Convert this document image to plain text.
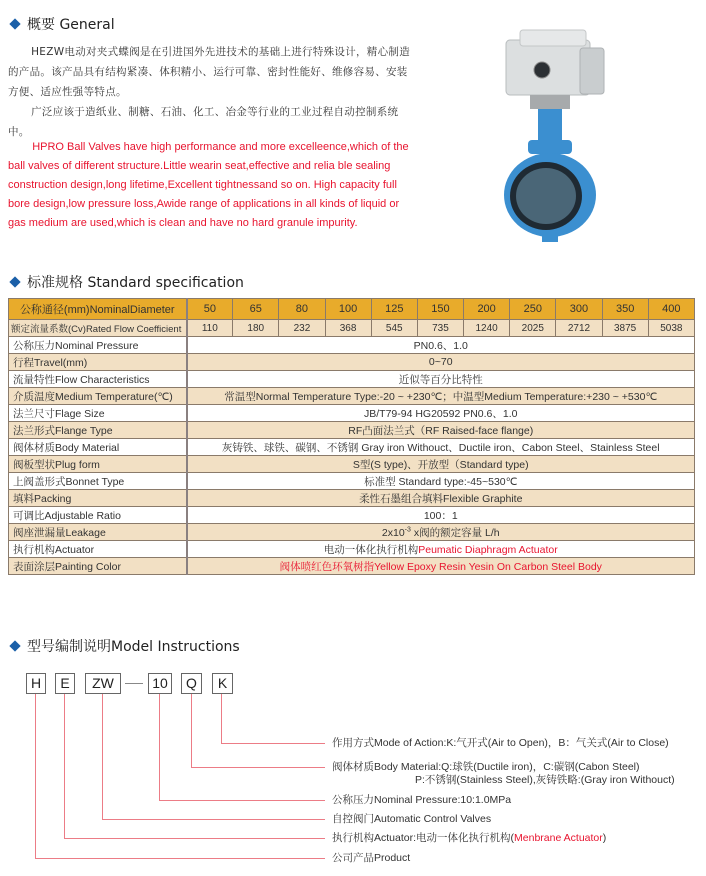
概要 General
HEZW电动对夹式蝶阀是在引进国外先进技术的基础上进行特殊设计，精心制造的产品。该产品具有结构紧凑、体积精小、运行可靠、密封性能好、维修容易、安装方便、适应性强等特点。
广泛应该于造纸业、制糖、石油、化工、冶金等行业的工业过程自动控制系统中。
HPRO Ball Valves have high performance and more excelleence,which of the ball valves of different structure.Little wearin seat,effective and relia ble sealing construction design,long lifetime,Excellent tightnessand so on. High capacity full bore design,low pressure loss,Awide range of applications in all kinds of liquid or gas medium are used,which is clean and have no hard granule impurity.
标准规格 Standard specification
公称通径(mm)NominalDiameter	50	65	80	100	125	150	200	250	300	350	400
额定流量系数(Cv)Rated Flow Coefficient	110	180	232	368	545	735	1240	2025	2712	3875	5038
公称压力Nominal Pressure	PN0.6、1.0										
行程Travel(mm)	0~70										
流量特性Flow Characteristics	近似等百分比特性										
介质温度Medium Temperature(℃)	常温型Normal Temperature Type:-20 ~ +230℃；中温型Medium Temperature:+230 ~ +530℃										
法兰尺寸Flage Size	JB/T79-94 HG20592 PN0.6、1.0										
法兰形式Flange Type	RF凸面法兰式（RF Raised-face flange)										
阀体材质Body Material	灰铸铁、球铁、碳钢、不锈钢 Gray iron Withouct、Ductile iron、Cabon Steel、Stainless Steel										
阀板型状Plug form	S型(S type)、开放型（Standard type)										
上阀盖形式Bonnet Type	标准型 Standard type:-45~530℃										
填料Packing	柔性石墨组合填料Flexible Graphite										
可调比Adjustable Ratio	100：1										
阀座泄漏量Leakage	$2x10^{-3}$ x阀的额定容量 L/h										
执行机构Actuator	电动一体化执行机构Peumatic Diaphragm Actuator										
表面涂层Painting Color	阀体喷红色环氧树指Yellow Epoxy Resin Yesin On Carbon Steel Body										
型号编制说明Model Instructions
H	E	ZW	10	Q	K
作用方式Mode of Action:K:气开式(Air to Open)，B：气关式(Air to Close)
阀体材质Body Material:Q:球铁(Ductile iron)，C:碳钢(Cabon Steel)
P:不锈钢(Stainless Steel),灰铸铁略:(Gray iron Withouct)
公称压力Nominal Pressure:10:1.0MPa
自控阀门Automatic Control Valves
执行机构Actuator:电动一体化执行机构(Menbrane Actuator)
公司产品Product
